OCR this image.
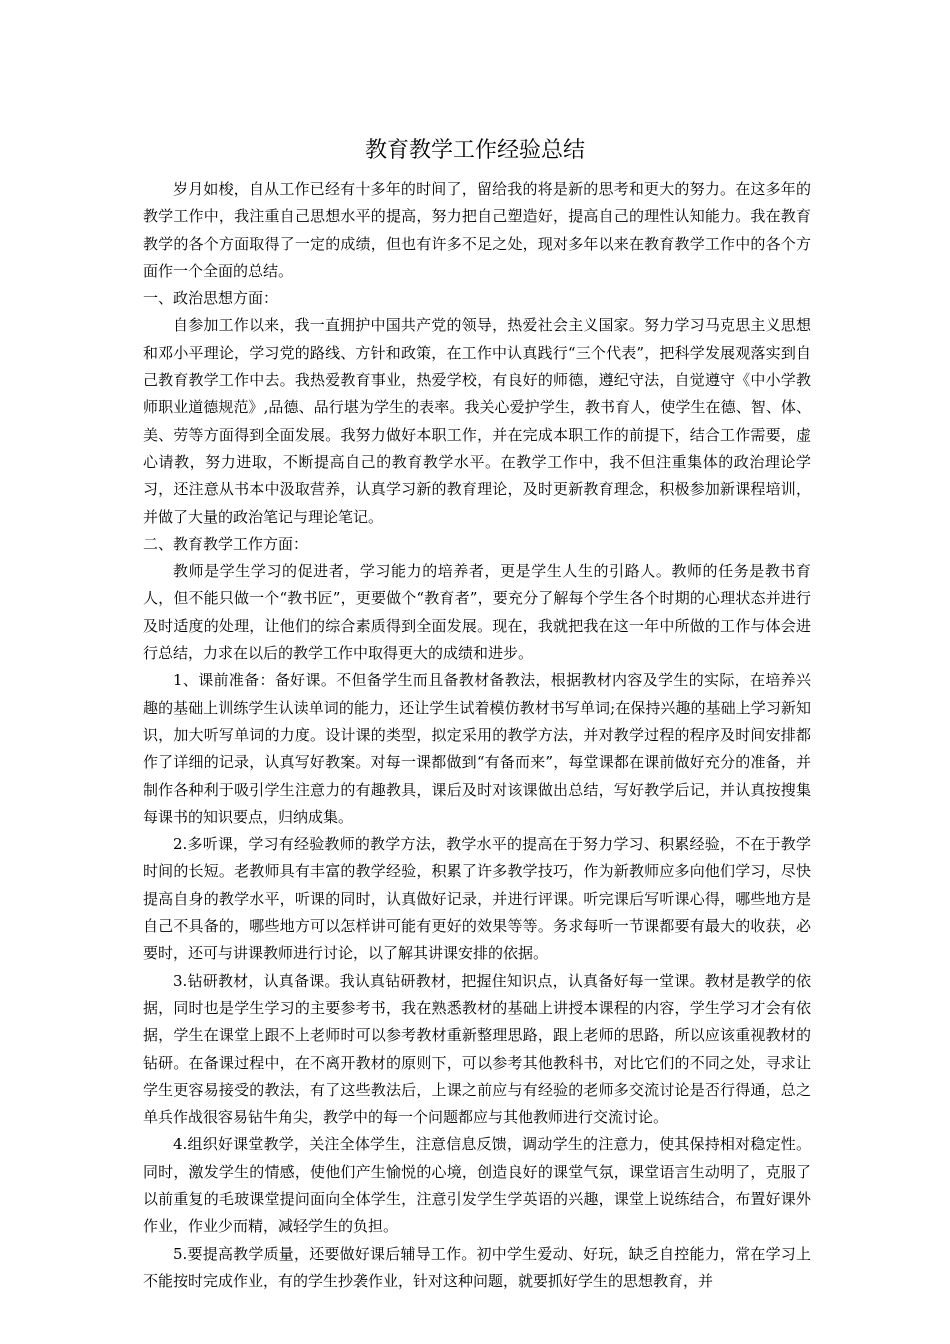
教育教学工作经验总结

岁月如梭，自从工作已经有十多年的时间了，留给我的将是新的思考和更大的努力。在这多年的教学工作中，我注重自己思想水平的提高，努力把自己塑造好，提高自己的理性认知能力。我在教育教学的各个方面取得了一定的成绩，但也有许多不足之处，现对多年以来在教育教学工作中的各个方面作一个全面的总结。

一、政治思想方面：

自参加工作以来，我一直拥护中国共产党的领导，热爱社会主义国家。努力学习马克思主义思想和邓小平理论，学习党的路线、方针和政策，在工作中认真践行“三个代表”，把科学发展观落实到自己教育教学工作中去。我热爱教育事业，热爱学校，有良好的师德，遵纪守法，自觉遵守《中小学教师职业道德规范》,品德、品行堪为学生的表率。我关心爱护学生，教书育人，使学生在德、智、体、美、劳等方面得到全面发展。我努力做好本职工作，并在完成本职工作的前提下，结合工作需要，虚心请教，努力进取，不断提高自己的教育教学水平。在教学工作中，我不但注重集体的政治理论学习，还注意从书本中汲取营养，认真学习新的教育理论，及时更新教育理念，积极参加新课程培训，并做了大量的政治笔记与理论笔记。

二、教育教学工作方面：

教师是学生学习的促进者，学习能力的培养者，更是学生人生的引路人。教师的任务是教书育人，但不能只做一个“教书匠”，更要做个“教育者”，要充分了解每个学生各个时期的心理状态并进行及时适度的处理，让他们的综合素质得到全面发展。现在，我就把我在这一年中所做的工作与体会进行总结，力求在以后的教学工作中取得更大的成绩和进步。

1、课前准备：备好课。不但备学生而且备教材备教法，根据教材内容及学生的实际，在培养兴趣的基础上训练学生认读单词的能力，还让学生试着模仿教材书写单词;在保持兴趣的基础上学习新知识，加大听写单词的力度。设计课的类型，拟定采用的教学方法，并对教学过程的程序及时间安排都作了详细的记录，认真写好教案。对每一课都做到“有备而来”，每堂课都在课前做好充分的准备，并制作各种利于吸引学生注意力的有趣教具，课后及时对该课做出总结，写好教学后记，并认真按搜集每课书的知识要点，归纳成集。

2.多听课，学习有经验教师的教学方法，教学水平的提高在于努力学习、积累经验，不在于教学时间的长短。老教师具有丰富的教学经验，积累了许多教学技巧，作为新教师应多向他们学习，尽快提高自身的教学水平，听课的同时，认真做好记录，并进行评课。听完课后写听课心得，哪些地方是自己不具备的，哪些地方可以怎样讲可能有更好的效果等等。务求每听一节课都要有最大的收获，必要时，还可与讲课教师进行讨论，以了解其讲课安排的依据。

3.钻研教材，认真备课。我认真钻研教材，把握住知识点，认真备好每一堂课。教材是教学的依据，同时也是学生学习的主要参考书，我在熟悉教材的基础上讲授本课程的内容，学生学习才会有依据，学生在课堂上跟不上老师时可以参考教材重新整理思路，跟上老师的思路，所以应该重视教材的钻研。在备课过程中，在不离开教材的原则下，可以参考其他教科书，对比它们的不同之处，寻求让学生更容易接受的教法，有了这些教法后，上课之前应与有经验的老师多交流讨论是否行得通，总之单兵作战很容易钻牛角尖，教学中的每一个问题都应与其他教师进行交流讨论。

4.组织好课堂教学，关注全体学生，注意信息反馈，调动学生的注意力，使其保持相对稳定性。同时，激发学生的情感，使他们产生愉悦的心境，创造良好的课堂气氛，课堂语言生动明了，克服了以前重复的毛玻课堂提问面向全体学生，注意引发学生学英语的兴趣，课堂上说练结合，布置好课外作业，作业少而精，减轻学生的负担。

5.要提高教学质量，还要做好课后辅导工作。初中学生爱动、好玩，缺乏自控能力，常在学习上不能按时完成作业，有的学生抄袭作业，针对这种问题，就要抓好学生的思想教育，并
